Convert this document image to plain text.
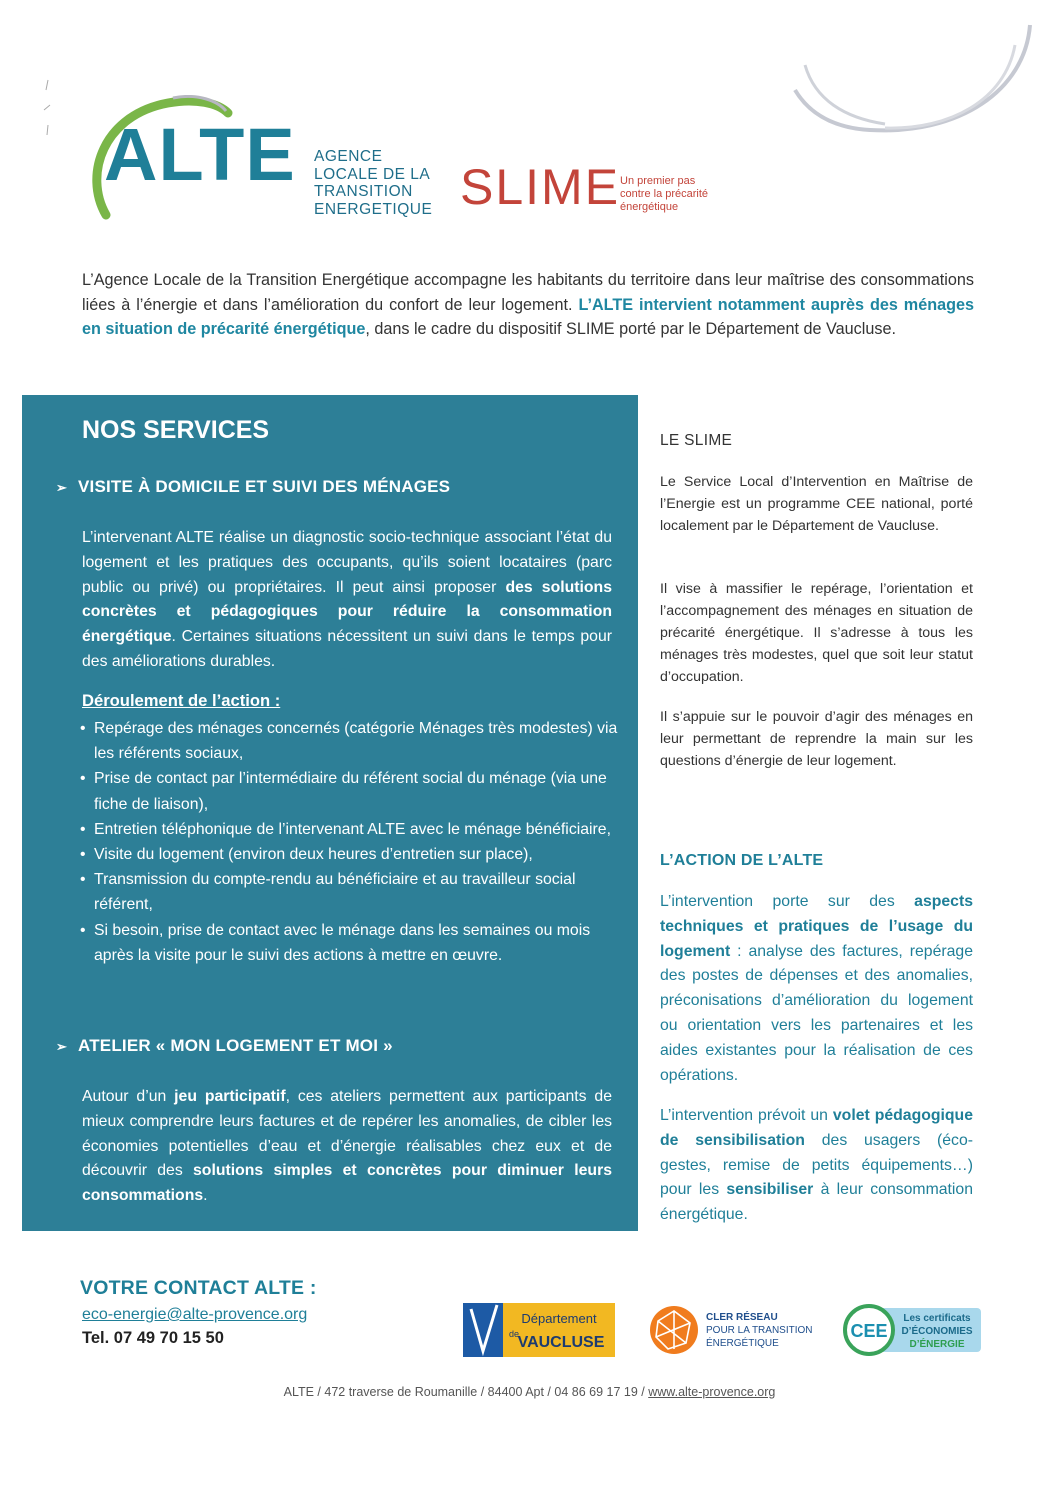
ALTE AGENCE
LOCALE DE LA
TRANSITION
ENERGETIQUE SLIME Un premier pas
contre la précarité
énergétique
L’Agence Locale de la Transition Energétique accompagne les habitants du territoire dans leur maîtrise des consommations liées à l’énergie et dans l’amélioration du confort de leur logement. L’ALTE intervient notamment auprès des ménages en situation de précarité énergétique, dans le cadre du dispositif SLIME porté par le Département de Vaucluse.
NOS SERVICES
➢ VISITE À DOMICILE ET SUIVI DES MÉNAGES
L’intervenant ALTE réalise un diagnostic socio-technique associant l’état du logement et les pratiques des occupants, qu’ils soient locataires (parc public ou privé) ou propriétaires. Il peut ainsi proposer des solutions concrètes et pédagogiques pour réduire la consommation énergétique. Certaines situations nécessitent un suivi dans le temps pour des améliorations durables.
Déroulement de l’action :
• Repérage des ménages concernés (catégorie Ménages très modestes) via les référents sociaux,
• Prise de contact par l’intermédiaire du référent social du ménage (via une fiche de liaison),
• Entretien téléphonique de l’intervenant ALTE avec le ménage bénéficiaire,
• Visite du logement (environ deux heures d’entretien sur place),
• Transmission du compte-rendu au bénéficiaire et au travailleur social référent,
• Si besoin, prise de contact avec le ménage dans les semaines ou mois après la visite pour le suivi des actions à mettre en œuvre.
➢ ATELIER « MON LOGEMENT ET MOI »
Autour d’un jeu participatif, ces ateliers permettent aux participants de mieux comprendre leurs factures et de repérer les anomalies, de cibler les économies potentielles d’eau et d’énergie réalisables chez eux et de découvrir des solutions simples et concrètes pour diminuer leurs consommations.
LE SLIME
Le Service Local d’Intervention en Maîtrise de l’Energie est un programme CEE national, porté localement par le Département de Vaucluse.
Il vise à massifier le repérage, l’orientation et l’accompagnement des ménages en situation de précarité énergétique. Il s’adresse à tous les ménages très modestes, quel que soit leur statut d’occupation.
Il s’appuie sur le pouvoir d’agir des ménages en leur permettant de reprendre la main sur les questions d’énergie de leur logement.
L’ACTION DE L’ALTE
L’intervention porte sur des aspects techniques et pratiques de l’usage du logement : analyse des factures, repérage des postes de dépenses et des anomalies, préconisations d’amélioration du logement ou orientation vers les partenaires et les aides existantes pour la réalisation de ces opérations.
L’intervention prévoit un volet pédagogique de sensibilisation des usagers (éco-gestes, remise de petits équipements…) pour les sensibiliser à leur consommation énergétique.
VOTRE CONTACT ALTE :
eco-energie@alte-provence.org
Tel. 07 49 70 15 50
Département
de
VAUCLUSE
CLER RÉSEAU
POUR LA TRANSITION
ÉNERGÉTIQUE
CEE
Les certificats
D’ÉCONOMIES
D’ÉNERGIE
ALTE / 472 traverse de Roumanille / 84400 Apt / 04 86 69 17 19 / www.alte-provence.org
